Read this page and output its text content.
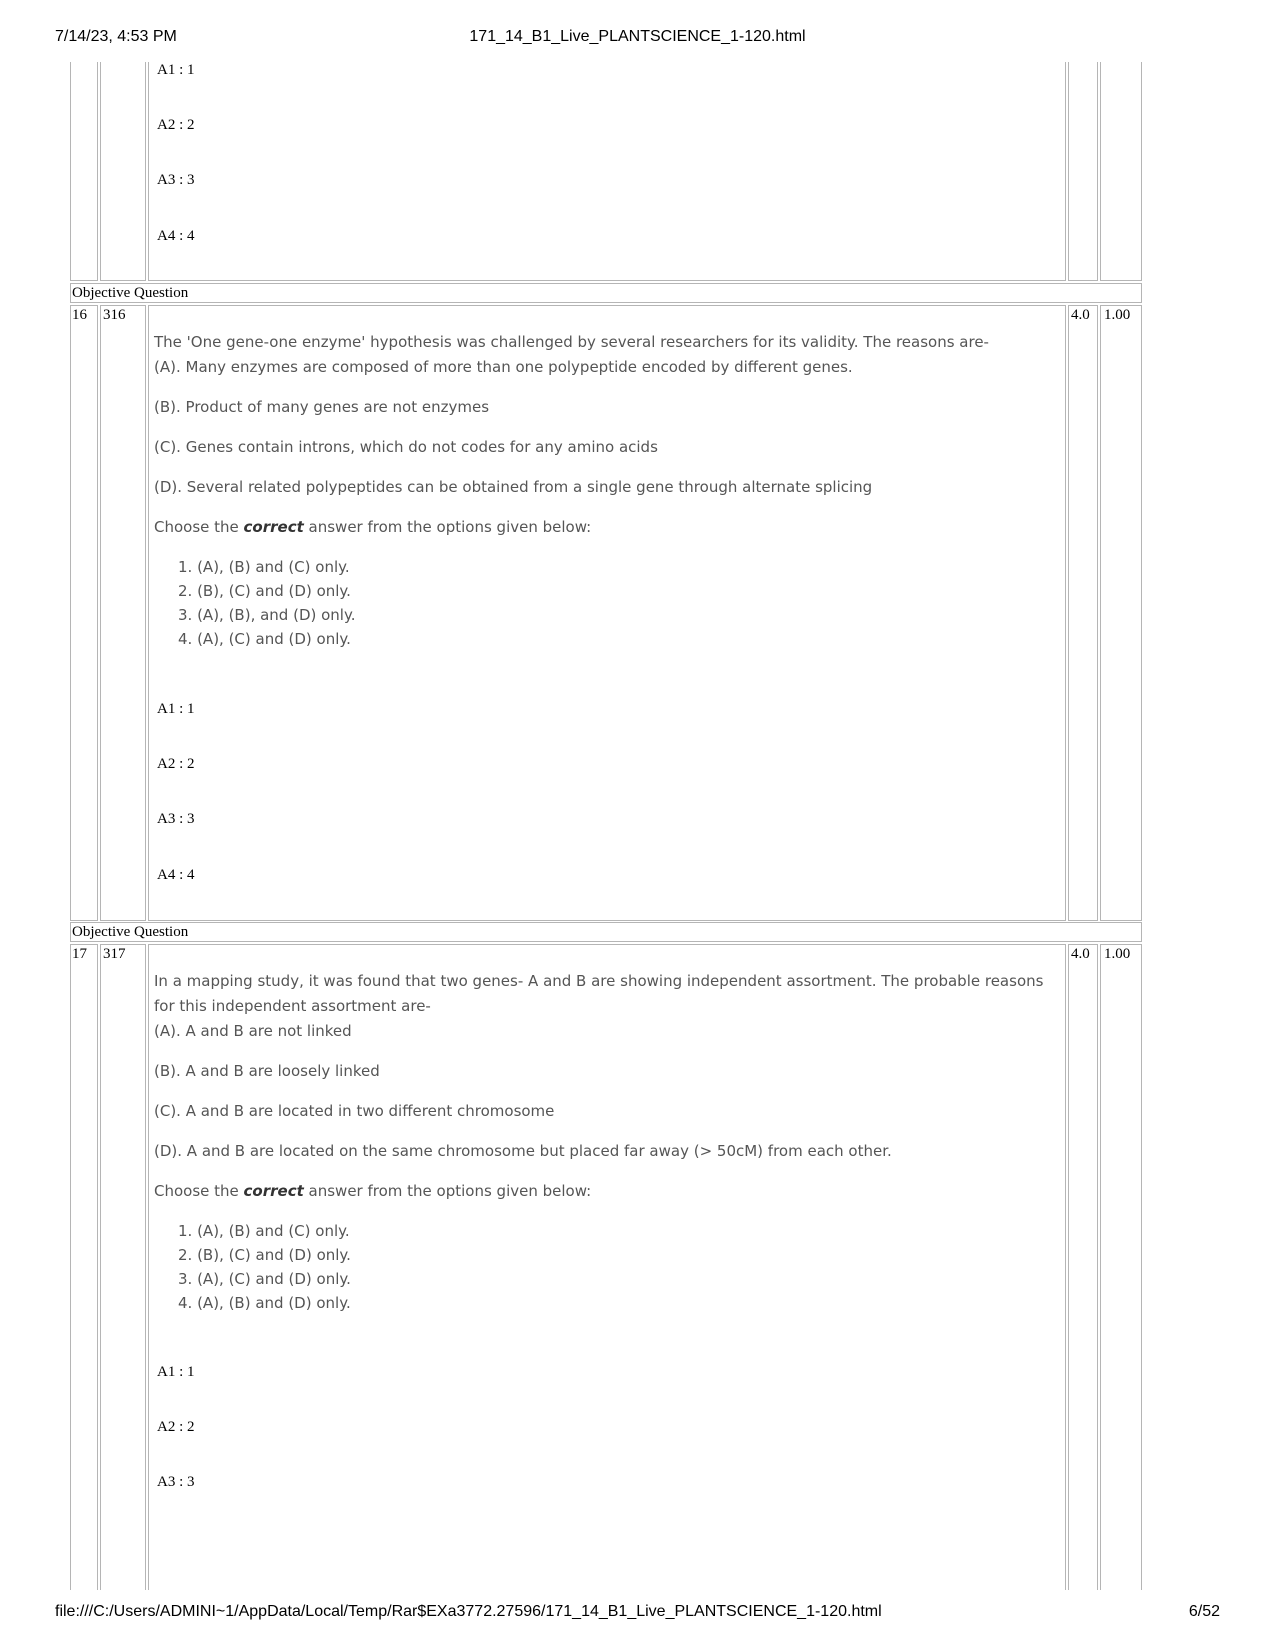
7/14/23, 4:53 PM	171_14_B1_Live_PLANTSCIENCE_1-120.html
A1 : 1
A2 : 2
A3 : 3
A4 : 4
Objective Question
16	316

The 'One gene-one enzyme' hypothesis was challenged by several researchers for its validity. The reasons are-

(A). Many enzymes are composed of more than one polypeptide encoded by different genes.

(B). Product of many genes are not enzymes

(C). Genes contain introns, which do not codes for any amino acids

(D). Several related polypeptides can be obtained from a single gene through alternate splicing

Choose the correct answer from the options given below:

1. (A), (B) and (C) only.
2. (B), (C) and (D) only.
3. (A), (B), and (D) only.
4. (A), (C) and (D) only.
A1 : 1
A2 : 2
A3 : 3
A4 : 4
4.0 1.00
Objective Question
17	317

In a mapping study, it was found that two genes- A and B are showing independent assortment. The probable reasons for this independent assortment are-

(A). A and B are not linked

(B). A and B are loosely linked

(C). A and B are located in two different chromosome

(D). A and B are located on the same chromosome but placed far away (> 50cM) from each other.

Choose the correct answer from the options given below:

1. (A), (B) and (C) only.
2. (B), (C) and (D) only.
3. (A), (C) and (D) only.
4. (A), (B) and (D) only.
A1 : 1
A2 : 2
A3 : 3
4.0 1.00
file:///C:/Users/ADMINI~1/AppData/Local/Temp/Rar$EXa3772.27596/171_14_B1_Live_PLANTSCIENCE_1-120.html	6/52
